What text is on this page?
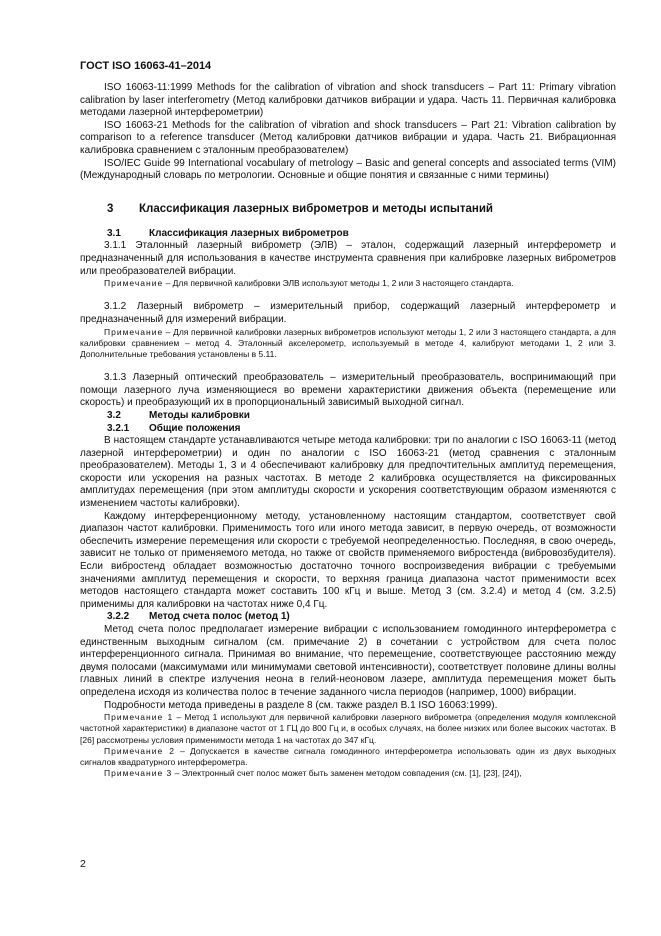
ГОСТ ISO 16063-41–2014

ISO 16063-11:1999 Methods for the calibration of vibration and shock transducers – Part 11: Primary vibration calibration by laser interferometry (Метод калибровки датчиков вибрации и удара. Часть 11. Первичная калибровка методами лазерной интерферометрии)

ISO 16063-21 Methods for the calibration of vibration and shock transducers – Part 21: Vibration calibration by comparison to a reference transducer (Метод калибровки датчиков вибрации и удара. Часть 21. Вибрационная калибровка сравнением с эталонным преобразователем)

ISO/IEC Guide 99 International vocabulary of metrology – Basic and general concepts and associated terms (VIM) (Международный словарь по метрологии. Основные и общие понятия и связанные с ними термины)

3 Классификация лазерных виброметров и методы испытаний
3.1	Классификация лазерных виброметров

3.1.1 Эталонный лазерный виброметр (ЭЛВ) – эталон, содержащий лазерный интерферометр и предназначенный для использования в качестве инструмента сравнения при калибровке лазерных виброметров или преобразователей вибрации.

Примечание – Для первичной калибровки ЭЛВ используют методы 1, 2 или 3 настоящего стандарта.

3.1.2 Лазерный виброметр – измерительный прибор, содержащий лазерный интерферометр и предназначенный для измерений вибрации.

Примечание – Для первичной калибровки лазерных виброметров используют методы 1, 2 или 3 настоящего стандарта, а для калибровки сравнением – метод 4. Эталонный акселерометр, используемый в методе 4, калибруют методами 1, 2 или 3. Дополнительные требования установлены в 5.11.

3.1.3 Лазерный оптический преобразователь – измерительный преобразователь, воспринимающий при помощи лазерного луча изменяющиеся во времени характеристики движения объекта (перемещение или скорость) и преобразующий их в пропорциональный зависимый выходной сигнал.

3.2	Методы калибровки
3.2.1 Общие положения

В настоящем стандарте устанавливаются четыре метода калибровки: три по аналогии с ISO 16063-11 (метод лазерной интерферометрии) и один по аналогии с ISO 16063-21 (метод сравнения с эталонным преобразователем). Методы 1, 3 и 4 обеспечивают калибровку для предпочтительных амплитуд перемещения, скорости или ускорения на разных частотах. В методе 2 калибровка осуществляется на фиксированных амплитудах перемещения (при этом амплитуды скорости и ускорения соответствующим образом изменяются с изменением частоты калибровки).

Каждому интерференционному методу, установленному настоящим стандартом, соответствует свой диапазон частот калибровки. Применимость того или иного метода зависит, в первую очередь, от возможности обеспечить измерение перемещения или скорости с требуемой неопределенностью. Последняя, в свою очередь, зависит не только от применяемого метода, но также от свойств применяемого вибростенда (вибровозбудителя). Если вибростенд обладает возможностью достаточно точного воспроизведения вибрации с требуемыми значениями амплитуд перемещения и скорости, то верхняя граница диапазона частот применимости всех методов настоящего стандарта может составить 100 кГц и выше. Метод 3 (см. 3.2.4) и метод 4 (см. 3.2.5) применимы для калибровки на частотах ниже 0,4 Гц.

3.2.2 Метод счета полос (метод 1)

Метод счета полос предполагает измерение вибрации с использованием гомодинного интерферометра с единственным выходным сигналом (см. примечание 2) в сочетании с устройством для счета полос интерференционного сигнала. Принимая во внимание, что перемещение, соответствующее расстоянию между двумя полосами (максимумами или минимумами световой интенсивности), соответствует половине длины волны главных линий в спектре излучения неона в гелий-неоновом лазере, амплитуда перемещения может быть определена исходя из количества полос в течение заданного числа периодов (например, 1000) вибрации.

Подробности метода приведены в разделе 8 (см. также раздел B.1 ISO 16063:1999).

Примечание 1 – Метод 1 используют для первичной калибровки лазерного виброметра (определения модуля комплексной частотной характеристики) в диапазоне частот от 1 ГЦ до 800 Гц и, в особых случаях, на более низких или более высоких частотах. В [26] рассмотрены условия применимости метода 1 на частотах до 347 кГц.

Примечание 2 – Допускается в качестве сигнала гомодинного интерферометра использовать один из двух выходных сигналов квадратурного интерферометра.

Примечание 3 – Электронный счет полос может быть заменен методом совпадения (см. [1], [23], [24]),

2
